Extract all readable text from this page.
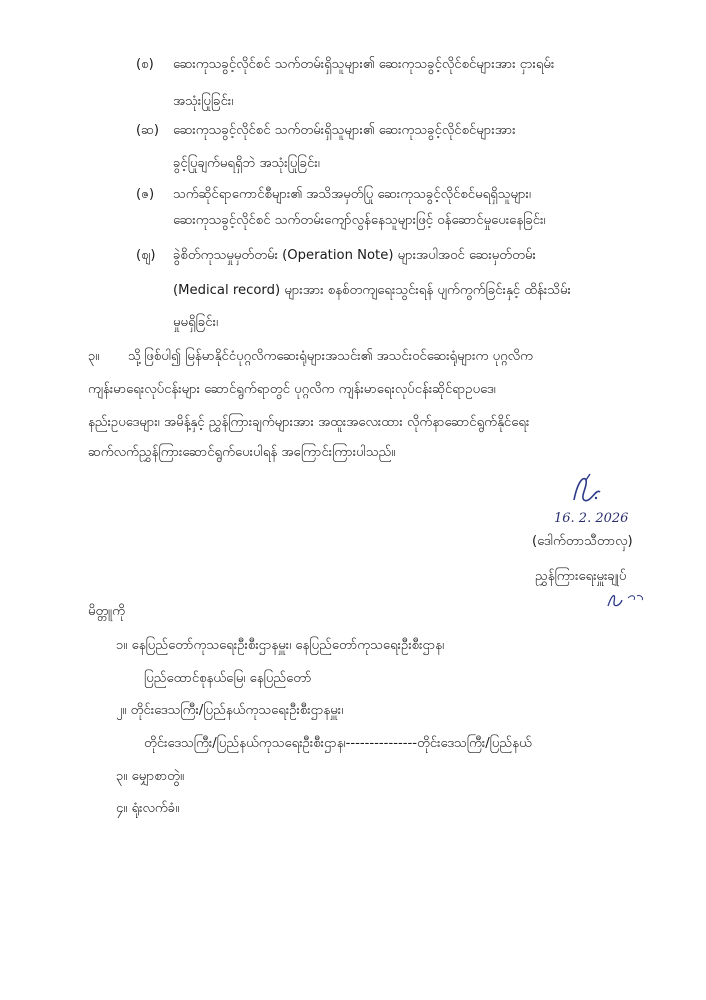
(စ) ဆေးကုသခွင့်လိုင်စင် သက်တမ်းရှိသူများ၏ ဆေးကုသခွင့်လိုင်စင်များအား ငှားရမ်း
အသုံးပြုခြင်း၊
(ဆ) ဆေးကုသခွင့်လိုင်စင် သက်တမ်းရှိသူများ၏ ဆေးကုသခွင့်လိုင်စင်များအား
ခွင့်ပြုချက်မရရှိဘဲ အသုံးပြုခြင်း၊
(ဇ) သက်ဆိုင်ရာကောင်စီများ၏ အသိအမှတ်ပြု ဆေးကုသခွင့်လိုင်စင်မရရှိသူများ၊
ဆေးကုသခွင့်လိုင်စင် သက်တမ်းကျော်လွန်နေသူများဖြင့် ဝန်ဆောင်မှုပေးနေခြင်း၊
(ဈ) ခွဲစိတ်ကုသမှုမှတ်တမ်း (Operation Note) များအပါအဝင် ဆေးမှတ်တမ်း
(Medical record) များအား စနစ်တကျရေးသွင်းရန် ပျက်ကွက်ခြင်းနှင့် ထိန်းသိမ်း
မှုမရှိခြင်း၊
၃။ သို့ဖြစ်ပါ၍ မြန်မာနိုင်ငံပုဂ္ဂလိကဆေးရုံများအသင်း၏ အသင်းဝင်ဆေးရုံများက ပုဂ္ဂလိက
ကျန်းမာရေးလုပ်ငန်းများ ဆောင်ရွက်ရာတွင် ပုဂ္ဂလိက ကျန်းမာရေးလုပ်ငန်းဆိုင်ရာဥပဒေ၊
နည်းဥပဒေများ၊ အမိန့်နှင့် ညွှန်ကြားချက်များအား အထူးအလေးထား လိုက်နာဆောင်ရွက်နိုင်ရေး
ဆက်လက်ညွှန်ကြားဆောင်ရွက်ပေးပါရန် အကြောင်းကြားပါသည်။
16. 2. 2026
(ဒေါက်တာသီတာလှ)
ညွှန်ကြားရေးမှူးချုပ်
မိတ္တူကို
၁။ နေပြည်တော်ကုသရေးဦးစီးဌာနမှူး၊ နေပြည်တော်ကုသရေးဦးစီးဌာန၊
ပြည်ထောင်စုနယ်မြေ၊ နေပြည်တော်
၂။ တိုင်းဒေသကြီး/ပြည်နယ်ကုသရေးဦးစီးဌာနမှူး၊
တိုင်းဒေသကြီး/ပြည်နယ်ကုသရေးဦးစီးဌာန၊---------------တိုင်းဒေသကြီး/ပြည်နယ်
၃။ မျှောစာတွဲ။
၄။ ရုံးလက်ခံ။
